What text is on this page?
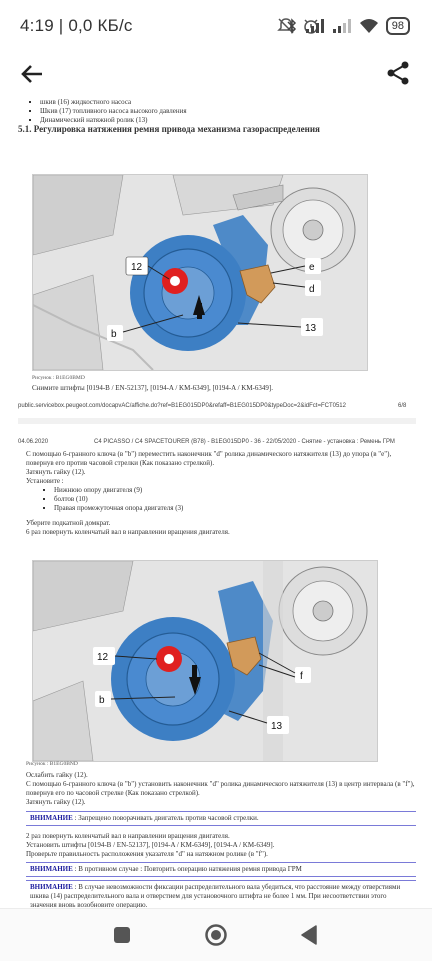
4:19 | 0,0 КБ/с	98
▪ шкив (16) жидкостного насоса
▪ Шкив (17) топливного насоса высокого давления
▪ Динамический натяжной ролик (13)

5.1. Регулировка натяжения ремня привода механизма газораспределения

12	e
d
b
13

Рисунок : B1EG0BMD

Снимите штифты [0194-B / EN-52137], [0194-A / KM-6349], [0194-A / KM-6349].

public.servicebox.peugeot.com/docapvAC/affiche.do?ref=B1EG015DP0&refaff=B1EG015DP0&typeDoc=2&idFct=FCT0512	6/8

04.06.2020	C4 PICASSO / C4 SPACETOURER (B78) - B1EG015DP0 - 36 - 22/05/2020 - Снятие - установка : Ремень ГРМ

С помощью 6-гранного ключа (в "b") переместить наконечник "d" ролика динамического натяжителя (13) до упора (в "e"), повернув его против часовой стрелки (Как показано стрелкой).

Затянуть гайку (12).

Установите :

▪ Нижнюю опору двигателя (9)
▪ болтов (10)
▪ Правая промежуточная опора двигателя (3)

Уберите подкатной домкрат.

6 раз повернуть коленчатый вал в направлении вращения двигателя.

12
f
b
13

Рисунок : B1EG0BND

Ослабить гайку (12).

С помощью 6-гранного ключа (в "b") установить наконечник "d" ролика динамического натяжителя (13) в центр интервала (в "f"), повернув его по часовой стрелке (Как показано стрелкой).

Затянуть гайку (12).

ВНИМАНИЕ : Запрещено поворачивать двигатель против часовой стрелки.

2 раз повернуть коленчатый вал в направлении вращения двигателя.

Установить штифты [0194-B / EN-52137], [0194-A / KM-6349], [0194-A / KM-6349].

Проверьте правильность расположения указателя "d" на натяжном ролике (в "f").

ВНИМАНИЕ : В противном случае : Повторить операцию натяжения ремня привода ГРМ
ВНИМАНИЕ : В случае невозможности фиксации распределительного вала убедиться, что расстояние между отверстиями шкива (14) распределительного вала и отверстием для установочного штифта не более 1 мм. При несоответствии этого значения вновь возобновите операцию.
